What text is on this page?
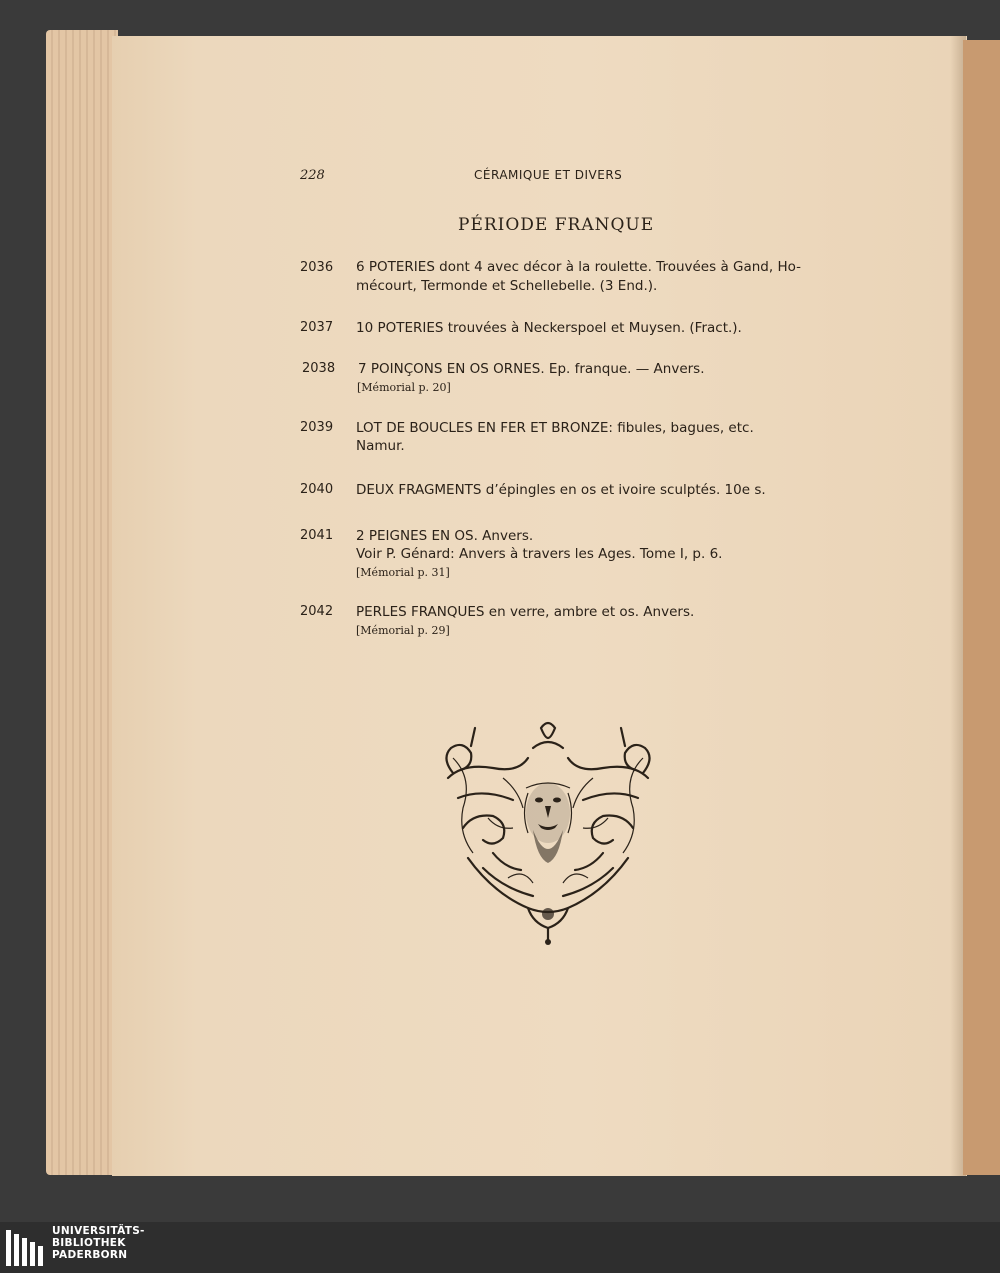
228	CÉRAMIQUE ET DIVERS
PÉRIODE FRANQUE
2036 6 POTERIES dont 4 avec décor à la roulette. Trouvées à Gand, Ho-
mécourt, Termonde et Schellebelle. (3 End.).
2037 10 POTERIES trouvées à Neckerspoel et Muysen. (Fract.).
2038 7 POINÇONS EN OS ORNES. Ep. franque. — Anvers.
[Mémorial p. 20]
2039 LOT DE BOUCLES EN FER ET BRONZE: fibules, bagues, etc.
Namur.
2040 DEUX FRAGMENTS d’épingles en os et ivoire sculptés. 10e s.
2041 2 PEIGNES EN OS. Anvers.
Voir P. Génard: Anvers à travers les Ages. Tome I, p. 6.
[Mémorial p. 31]
2042 PERLES FRANQUES en verre, ambre et os. Anvers.
[Mémorial p. 29]
UNIVERSITÄTS-
BIBLIOTHEK
PADERBORN
